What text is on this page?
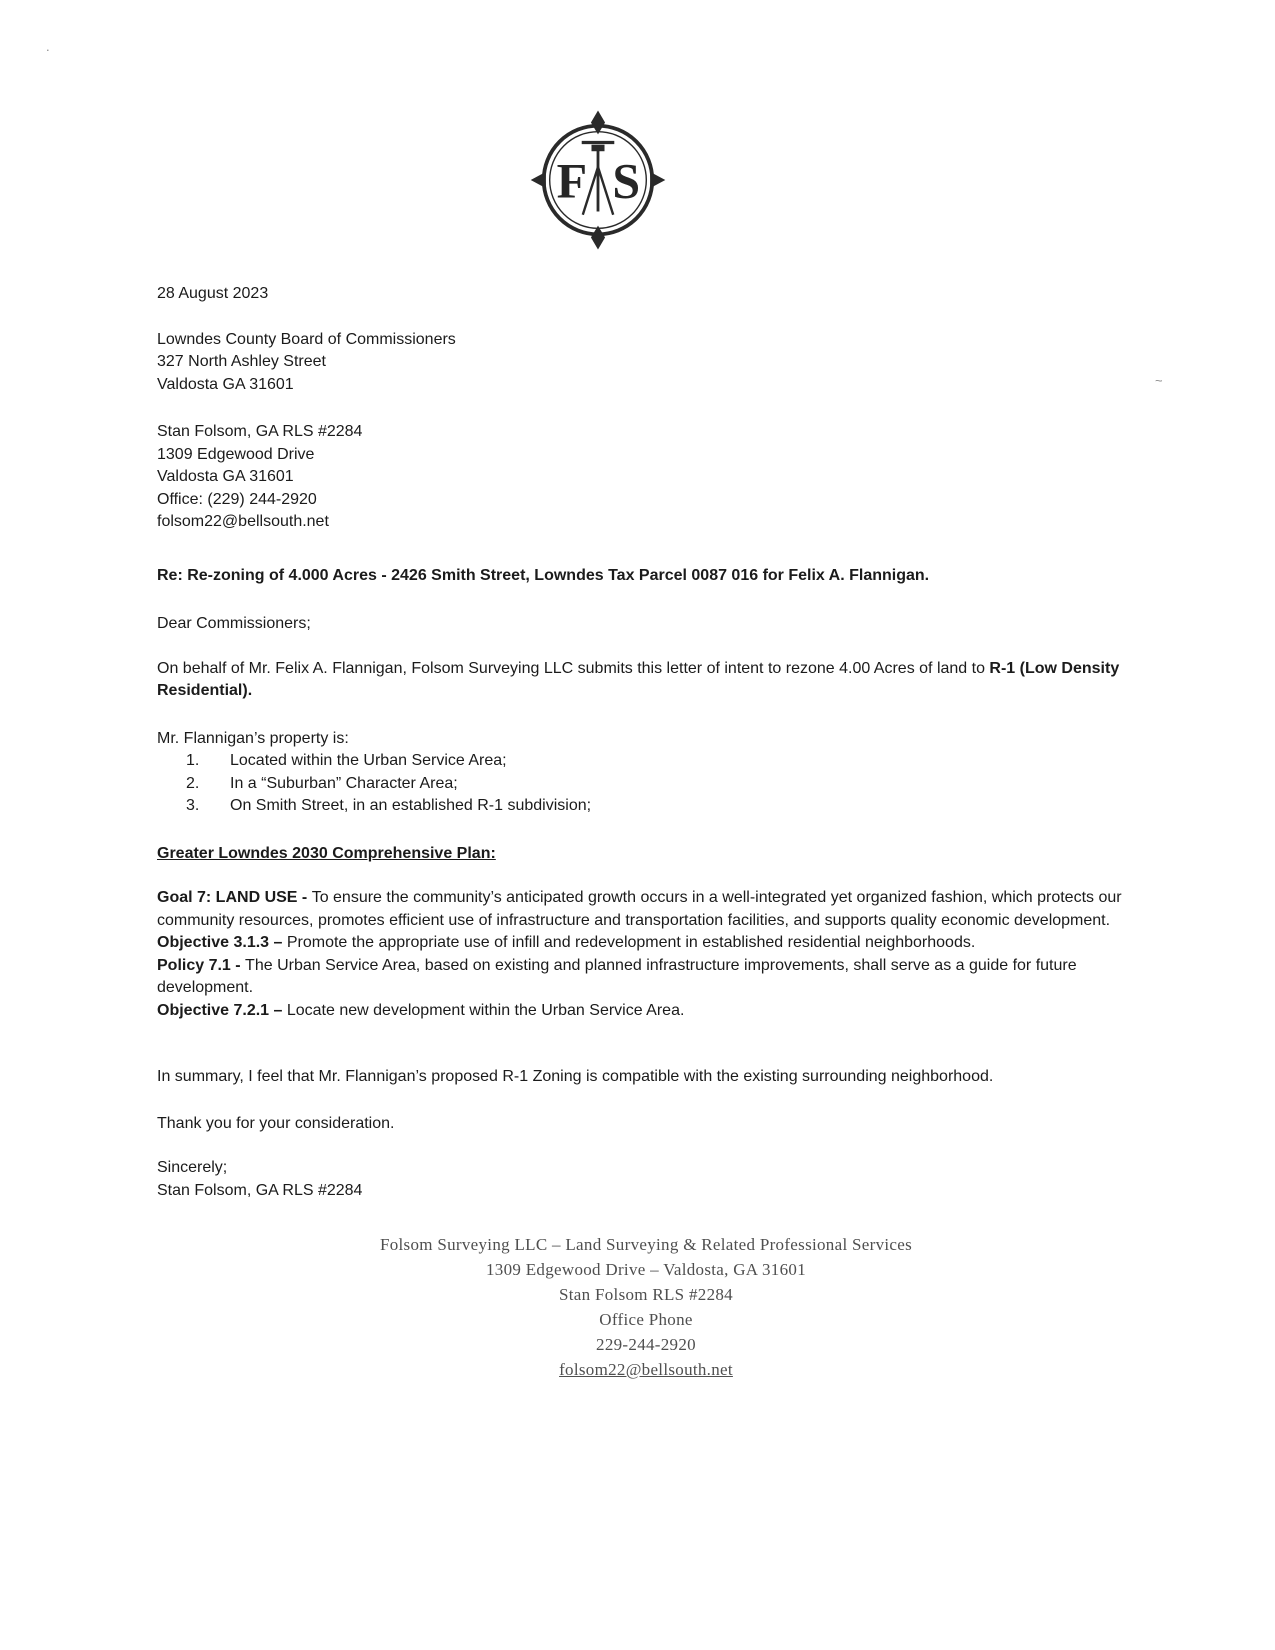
.
~
F S

28 August 2023

Lowndes County Board of Commissioners

327 North Ashley Street

Valdosta GA 31601

Stan Folsom, GA RLS #2284

1309 Edgewood Drive

Valdosta GA 31601

Office: (229) 244-2920

folsom22@bellsouth.net

Re: Re-zoning of 4.000 Acres - 2426 Smith Street, Lowndes Tax Parcel 0087 016 for Felix A. Flannigan.

Dear Commissioners;

On behalf of Mr. Felix A. Flannigan, Folsom Surveying LLC submits this letter of intent to rezone 4.00 Acres of land to R-1 (Low Density Residential).

Mr. Flannigan’s property is:

1.	Located within the Urban Service Area;
2.	In a “Suburban” Character Area;
3.	On Smith Street, in an established R-1 subdivision;

Greater Lowndes 2030 Comprehensive Plan:

Goal 7: LAND USE - To ensure the community’s anticipated growth occurs in a well-integrated yet organized fashion, which protects our community resources, promotes efficient use of infrastructure and transportation facilities, and supports quality economic development.

Objective 3.1.3 – Promote the appropriate use of infill and redevelopment in established residential neighborhoods.

Policy 7.1 - The Urban Service Area, based on existing and planned infrastructure improvements, shall serve as a guide for future development.

Objective 7.2.1 – Locate new development within the Urban Service Area.

In summary, I feel that Mr. Flannigan’s proposed R-1 Zoning is compatible with the existing surrounding neighborhood.

Thank you for your consideration.

Sincerely;

Stan Folsom, GA RLS #2284

Folsom Surveying LLC – Land Surveying & Related Professional Services

1309 Edgewood Drive – Valdosta, GA 31601

Stan Folsom RLS #2284

Office Phone

229-244-2920

folsom22@bellsouth.net
